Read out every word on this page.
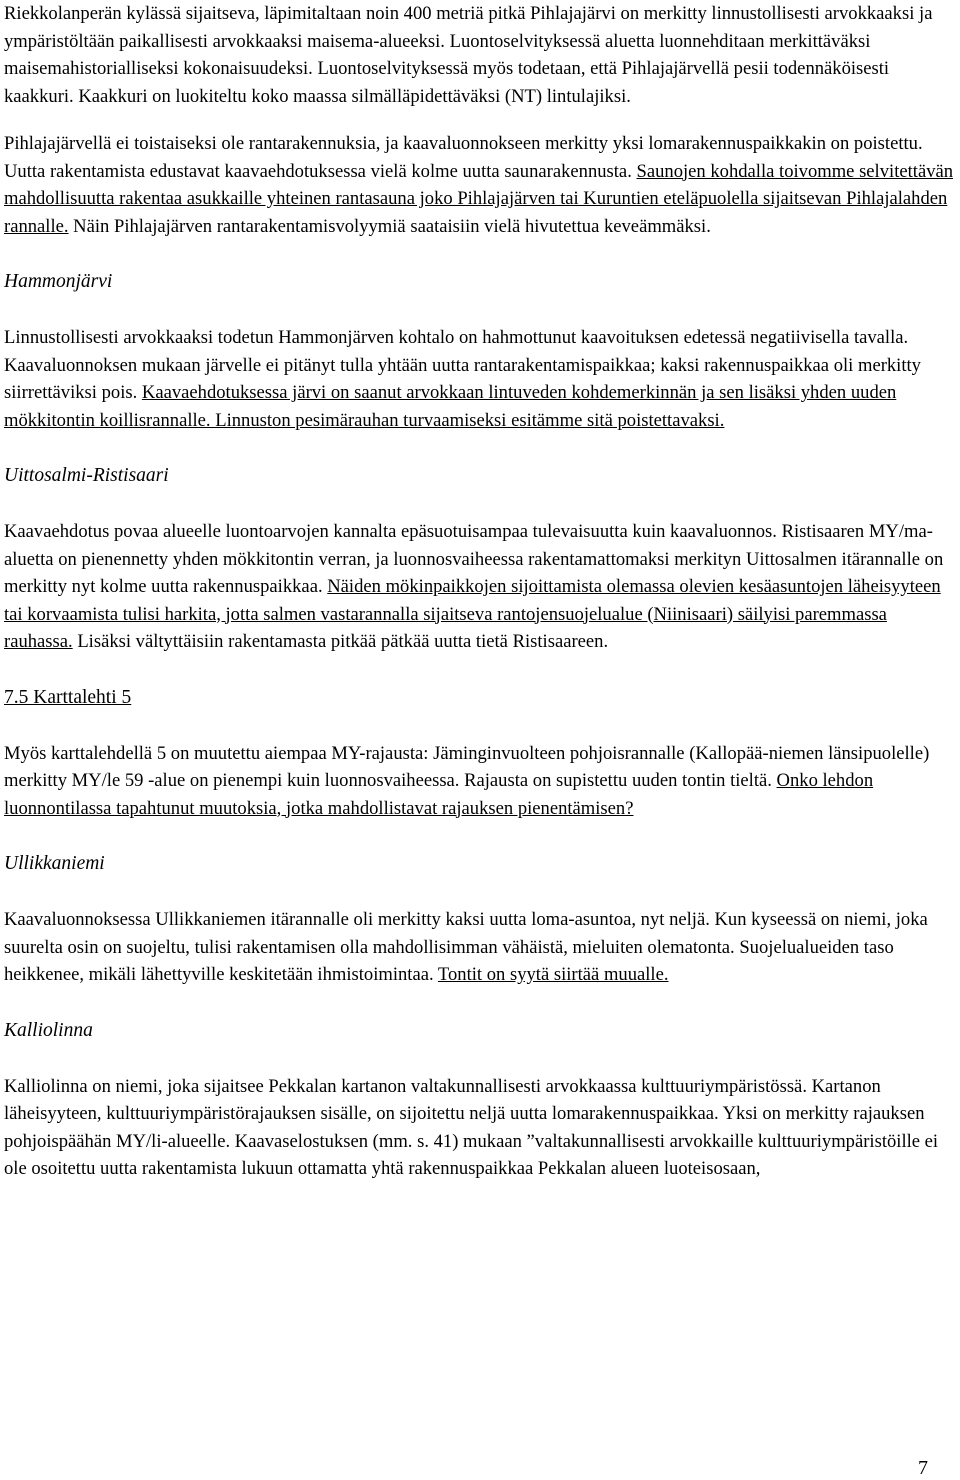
Riekkolanperän kylässä sijaitseva, läpimitaltaan noin 400 metriä pitkä Pihlajajärvi on merkitty linnustollisesti arvokkaaksi ja ympäristöltään paikallisesti arvokkaaksi maisema-alueeksi. Luontoselvityksessä aluetta luonnehditaan merkittäväksi maisemahistorialliseksi kokonaisuudeksi. Luontoselvityksessä myös todetaan, että Pihlajajärvellä pesii todennäköisesti kaakkuri. Kaakkuri on luokiteltu koko maassa silmälläpidettäväksi (NT) lintulajiksi.

Pihlajajärvellä ei toistaiseksi ole rantarakennuksia, ja kaavaluonnokseen merkitty yksi lomarakennuspaikkakin on poistettu. Uutta rakentamista edustavat kaavaehdotuksessa vielä kolme uutta saunarakennusta. Saunojen kohdalla toivomme selvitettävän mahdollisuutta rakentaa asukkaille yhteinen rantasauna joko Pihlajajärven tai Kuruntien eteläpuolella sijaitsevan Pihlajalahden rannalle. Näin Pihlajajärven rantarakentamisvolyymiä saataisiin vielä hivutettua keveämmäksi.

Hammonjärvi

Linnustollisesti arvokkaaksi todetun Hammonjärven kohtalo on hahmottunut kaavoituksen edetessä negatiivisella tavalla. Kaavaluonnoksen mukaan järvelle ei pitänyt tulla yhtään uutta rantarakentamispaikkaa; kaksi rakennuspaikkaa oli merkitty siirrettäviksi pois. Kaavaehdotuksessa järvi on saanut arvokkaan lintuveden kohdemerkinnän ja sen lisäksi yhden uuden mökkitontin koillisrannalle. Linnuston pesimärauhan turvaamiseksi esitämme sitä poistettavaksi.

Uittosalmi-Ristisaari

Kaavaehdotus povaa alueelle luontoarvojen kannalta epäsuotuisampaa tulevaisuutta kuin kaavaluonnos. Ristisaaren MY/ma-aluetta on pienennetty yhden mökkitontin verran, ja luonnosvaiheessa rakentamattomaksi merkityn Uittosalmen itärannalle on merkitty nyt kolme uutta rakennuspaikkaa. Näiden mökinpaikkojen sijoittamista olemassa olevien kesäasuntojen läheisyyteen tai korvaamista tulisi harkita, jotta salmen vastarannalla sijaitseva rantojensuojelualue (Niinisaari) säilyisi paremmassa rauhassa. Lisäksi vältyttäisiin rakentamasta pitkää pätkää uutta tietä Ristisaareen.

7.5 Karttalehti 5

Myös karttalehdellä 5 on muutettu aiempaa MY-rajausta: Jäminginvuolteen pohjoisrannalle (Kallopää-niemen länsipuolelle) merkitty MY/le 59 -alue on pienempi kuin luonnosvaiheessa. Rajausta on supistettu uuden tontin tieltä. Onko lehdon luonnontilassa tapahtunut muutoksia, jotka mahdollistavat rajauksen pienentämisen?

Ullikkaniemi

Kaavaluonnoksessa Ullikkaniemen itärannalle oli merkitty kaksi uutta loma-asuntoa, nyt neljä. Kun kyseessä on niemi, joka suurelta osin on suojeltu, tulisi rakentamisen olla mahdollisimman vähäistä, mieluiten olematonta. Suojelualueiden taso heikkenee, mikäli lähettyville keskitetään ihmistoimintaa. Tontit on syytä siirtää muualle.

Kalliolinna

Kalliolinna on niemi, joka sijaitsee Pekkalan kartanon valtakunnallisesti arvokkaassa kulttuuriympäristössä. Kartanon läheisyyteen, kulttuuriympäristörajauksen sisälle, on sijoitettu neljä uutta lomarakennuspaikkaa. Yksi on merkitty rajauksen pohjoispäähän MY/li-alueelle. Kaavaselostuksen (mm. s. 41) mukaan ”valtakunnallisesti arvokkaille kulttuuriympäristöille ei ole osoitettu uutta rakentamista lukuun ottamatta yhtä rakennuspaikkaa Pekkalan alueen luoteisosaan,

7
